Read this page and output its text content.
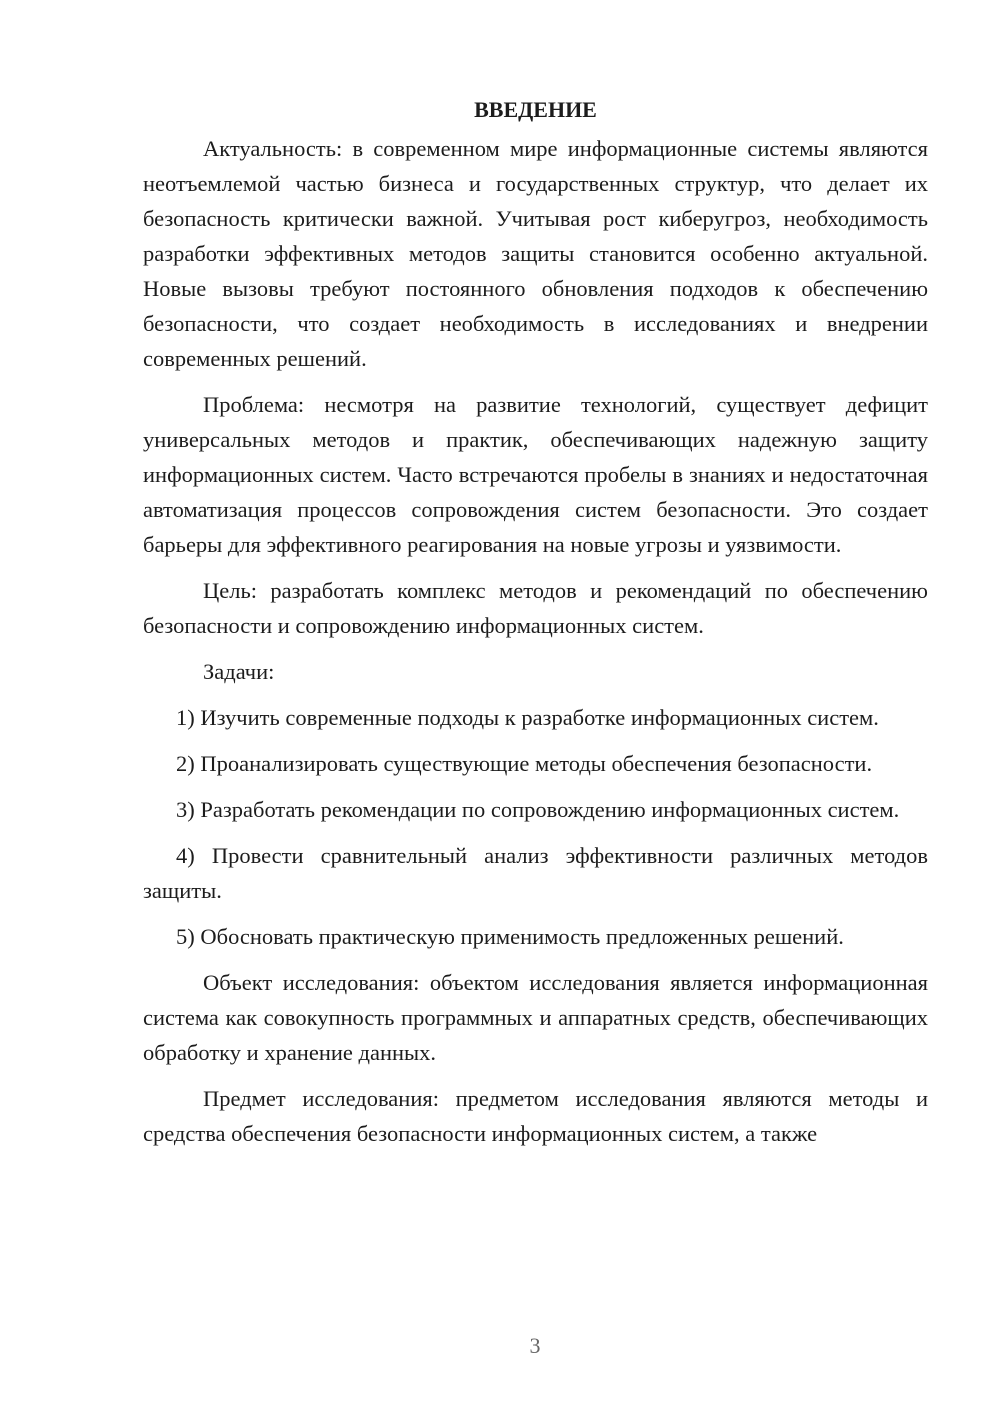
ВВЕДЕНИЕ

Актуальность: в современном мире информационные системы являются неотъемлемой частью бизнеса и государственных структур, что делает их безопасность критически важной. Учитывая рост киберугроз, необходимость разработки эффективных методов защиты становится особенно актуальной. Новые вызовы требуют постоянного обновления подходов к обеспечению безопасности, что создает необходимость в исследованиях и внедрении современных решений.

Проблема: несмотря на развитие технологий, существует дефицит универсальных методов и практик, обеспечивающих надежную защиту информационных систем. Часто встречаются пробелы в знаниях и недостаточная автоматизация процессов сопровождения систем безопасности. Это создает барьеры для эффективного реагирования на новые угрозы и уязвимости.

Цель: разработать комплекс методов и рекомендаций по обеспечению безопасности и сопровождению информационных систем.

Задачи:

1) Изучить современные подходы к разработке информационных систем.

2) Проанализировать существующие методы обеспечения безопасности.

3) Разработать рекомендации по сопровождению информационных систем.

4) Провести сравнительный анализ эффективности различных методов защиты.

5) Обосновать практическую применимость предложенных решений.

Объект исследования: объектом исследования является информационная система как совокупность программных и аппаратных средств, обеспечивающих обработку и хранение данных.

Предмет исследования: предметом исследования являются методы и средства обеспечения безопасности информационных систем, а также

3
